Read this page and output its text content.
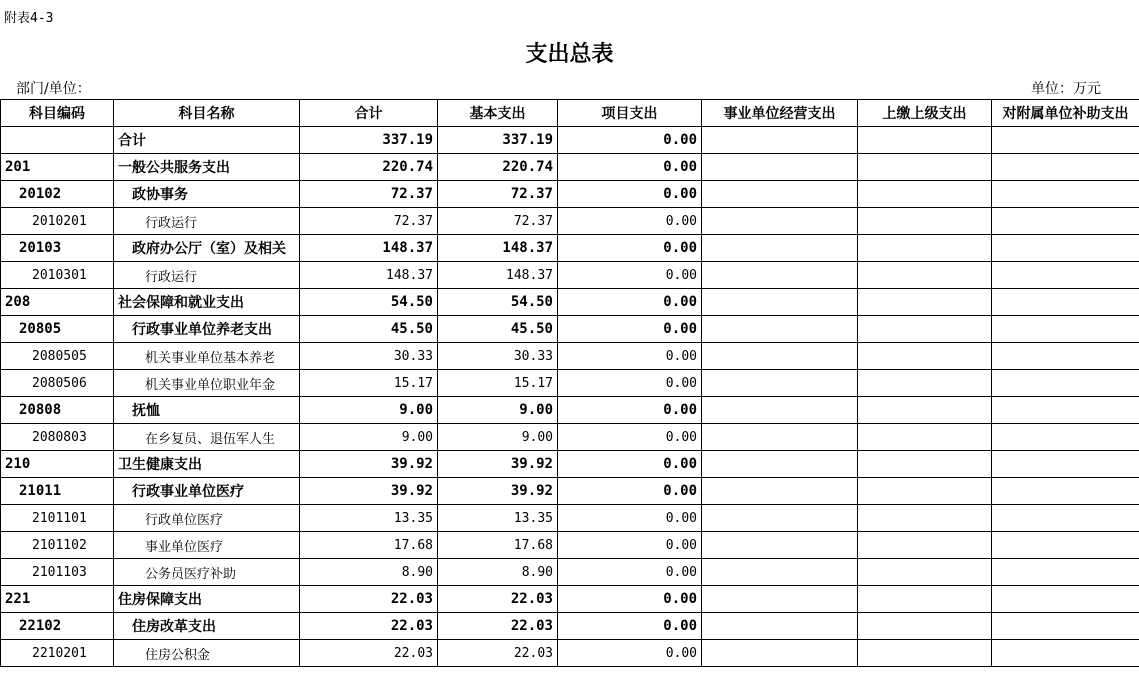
附表4-3
支出总表
部门/单位：	单位：万元
科目编码	科目名称	合计	基本支出	项目支出	事业单位经营支出	上缴上级支出	对附属单位补助支出
	合计	337.19	337.19	0.00			
201	一般公共服务支出	220.74	220.74	0.00			
20102	政协事务	72.37	72.37	0.00			
2010201	行政运行	72.37	72.37	0.00			
20103	政府办公厅（室）及相关	148.37	148.37	0.00			
2010301	行政运行	148.37	148.37	0.00			
208	社会保障和就业支出	54.50	54.50	0.00			
20805	行政事业单位养老支出	45.50	45.50	0.00			
2080505	机关事业单位基本养老	30.33	30.33	0.00			
2080506	机关事业单位职业年金	15.17	15.17	0.00			
20808	抚恤	9.00	9.00	0.00			
2080803	在乡复员、退伍军人生	9.00	9.00	0.00			
210	卫生健康支出	39.92	39.92	0.00			
21011	行政事业单位医疗	39.92	39.92	0.00			
2101101	行政单位医疗	13.35	13.35	0.00			
2101102	事业单位医疗	17.68	17.68	0.00			
2101103	公务员医疗补助	8.90	8.90	0.00			
221	住房保障支出	22.03	22.03	0.00			
22102	住房改革支出	22.03	22.03	0.00			
2210201	住房公积金	22.03	22.03	0.00			
